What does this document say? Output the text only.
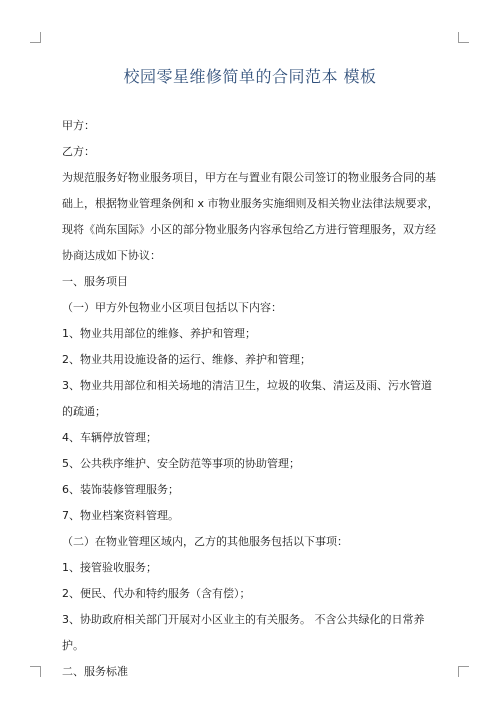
校园零星维修简单的合同范本 模板

甲方：

乙方：

为规范服务好物业服务项目，甲方在与置业有限公司签订的物业服务合同的基础上，根据物业管理条例和 x 市物业服务实施细则及相关物业法律法规要求，现将《尚东国际》小区的部分物业服务内容承包给乙方进行管理服务，双方经协商达成如下协议：

一、服务项目

（一）甲方外包物业小区项目包括以下内容：

1、物业共用部位的维修、养护和管理；

2、物业共用设施设备的运行、维修、养护和管理；

3、物业共用部位和相关场地的清洁卫生，垃圾的收集、清运及雨、污水管道的疏通；

4、车辆停放管理；

5、公共秩序维护、安全防范等事项的协助管理；

6、装饰装修管理服务；

7、物业档案资料管理。

（二）在物业管理区域内，乙方的其他服务包括以下事项：

1、接管验收服务；

2、便民、代办和特约服务（含有偿）；

3、协助政府相关部门开展对小区业主的有关服务。 不含公共绿化的日常养护。

二、服务标准
